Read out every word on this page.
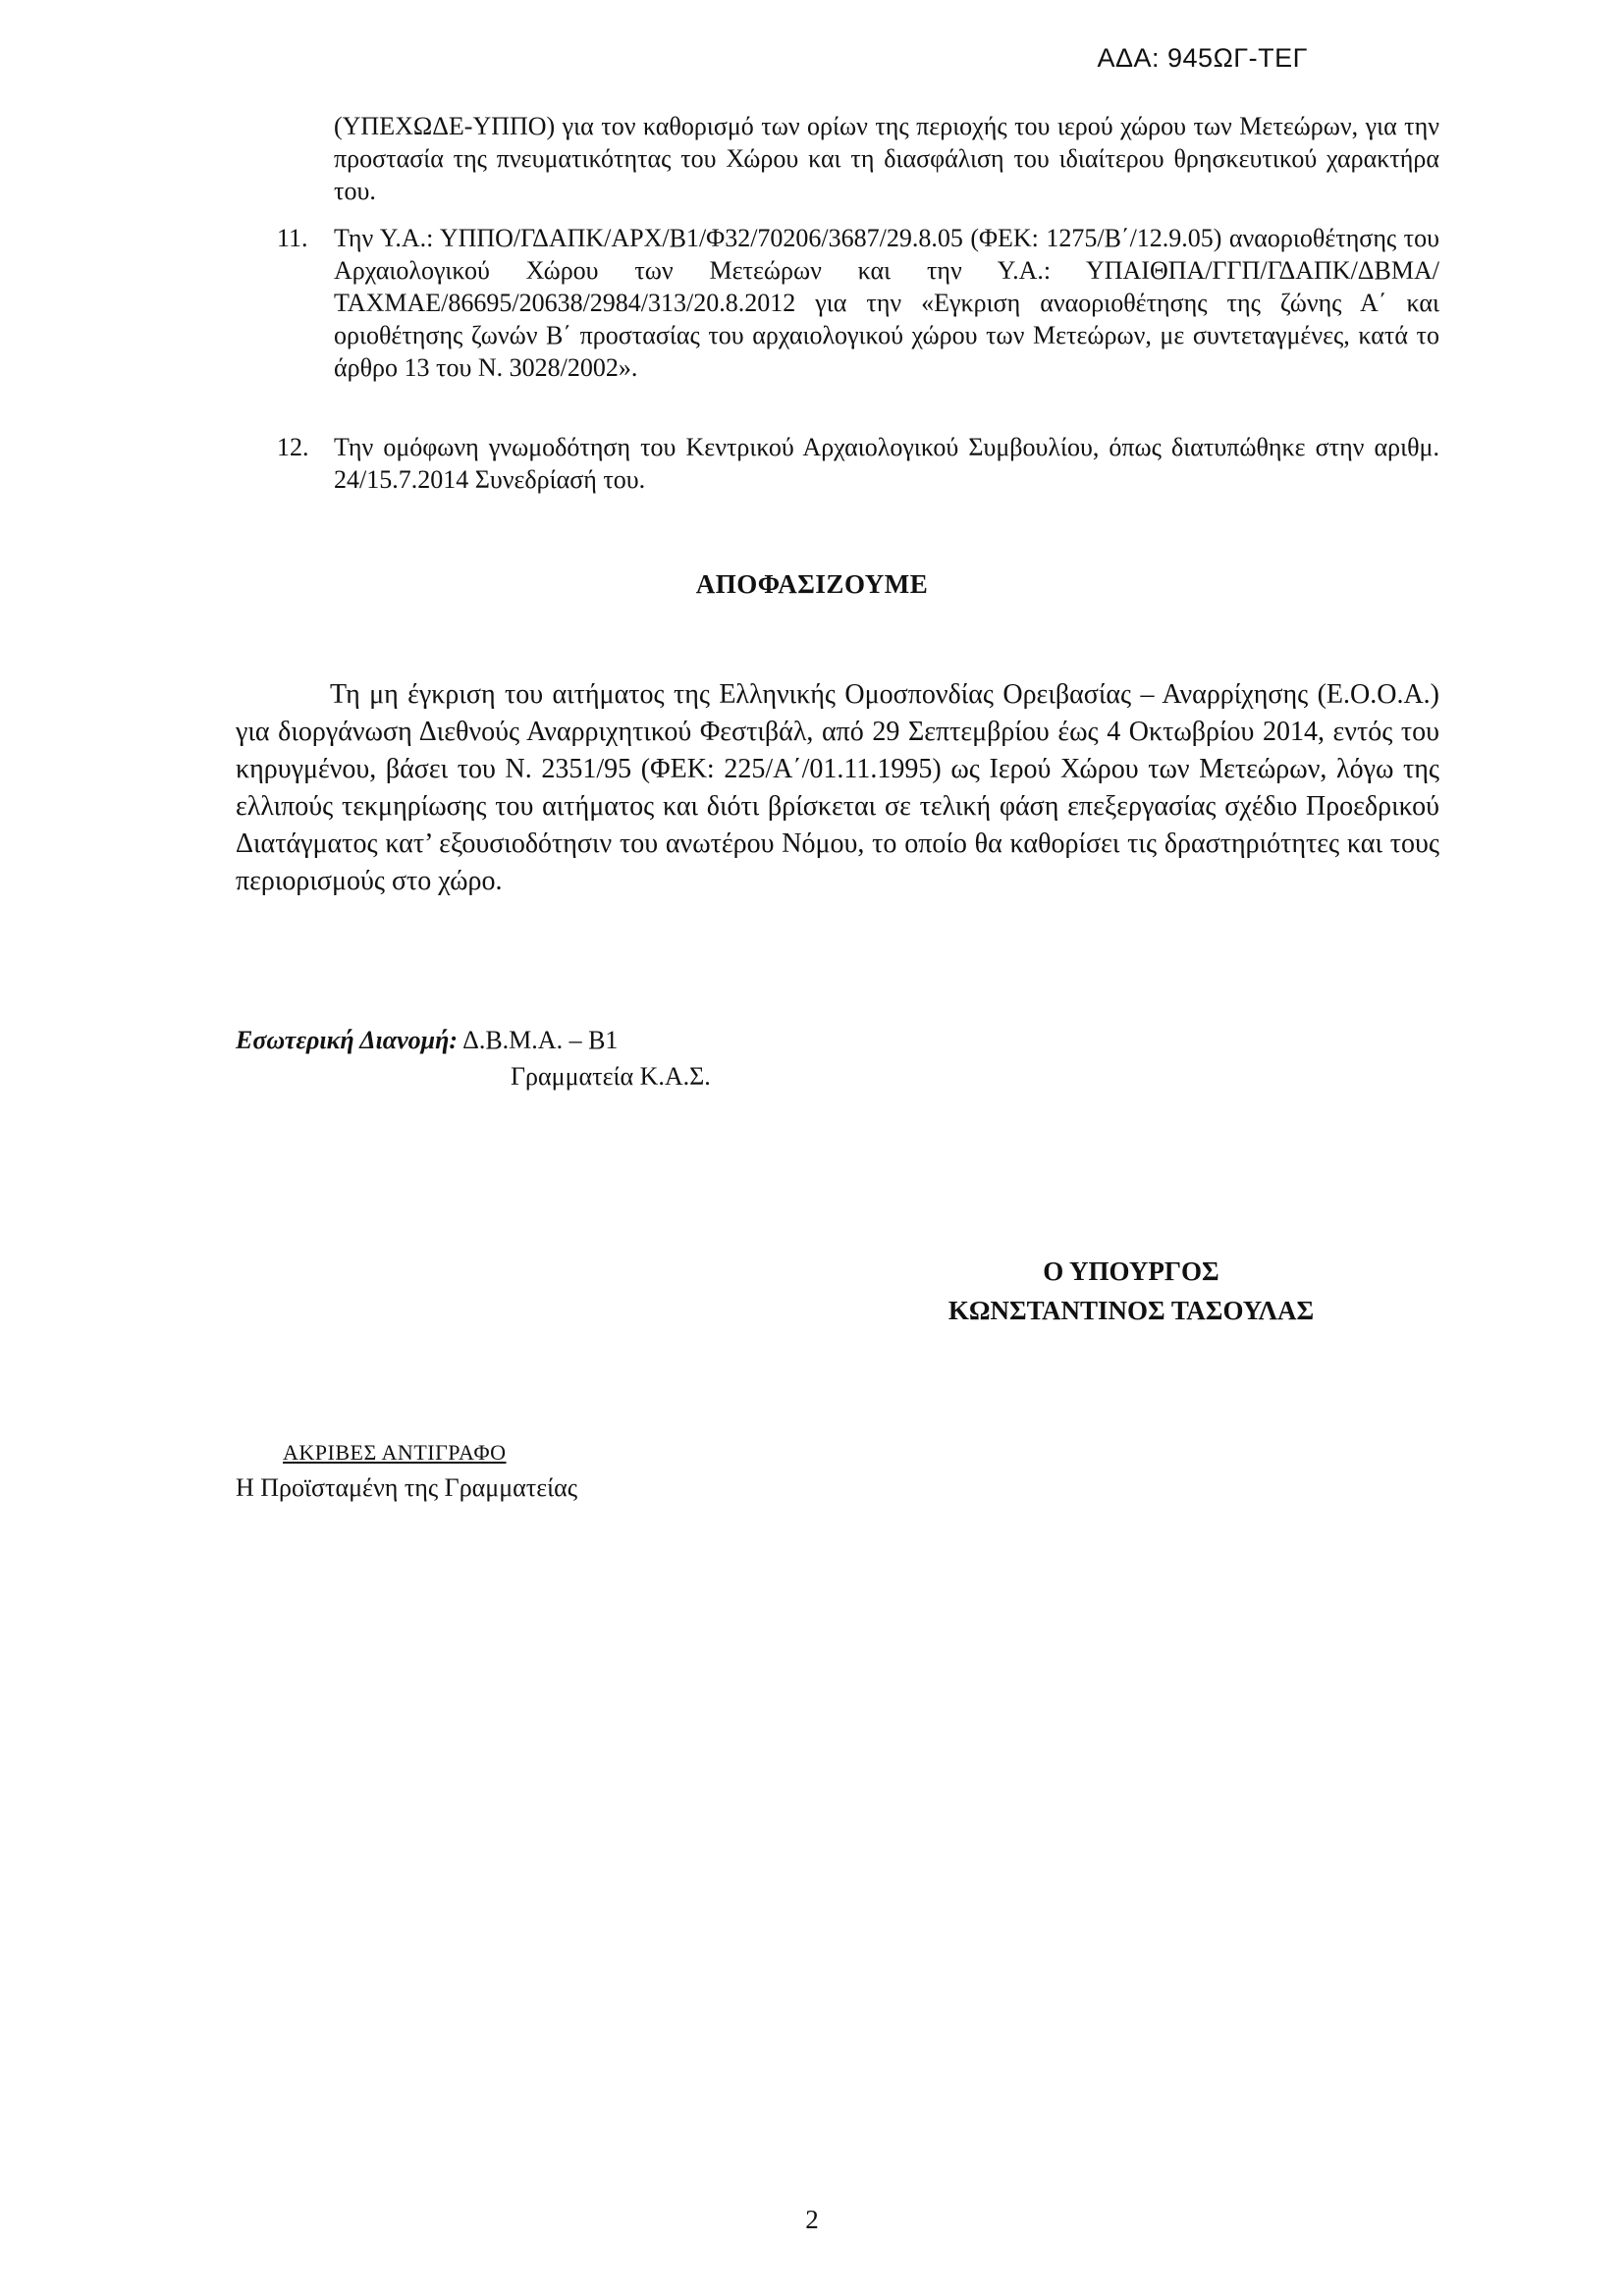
ΑΔΑ: 945ΩΓ-ΤΕΓ
(ΥΠΕΧΩΔΕ-ΥΠΠΟ) για τον καθορισμό των ορίων της περιοχής του ιερού χώρου των Μετεώρων, για την προστασία της πνευματικότητας του Χώρου και τη διασφάλιση του ιδιαίτερου θρησκευτικού χαρακτήρα του.
11.	Την Υ.Α.: ΥΠΠΟ/ΓΔΑΠΚ/ΑΡΧ/Β1/Φ32/70206/3687/29.8.05 (ΦΕΚ: 1275/Β΄/12.9.05) αναοριοθέτησης του Αρχαιολογικού Χώρου των Μετεώρων και την Υ.Α.: ΥΠΑΙΘΠΑ/ΓΓΠ/ΓΔΑΠΚ/ΔΒΜΑ/ΤΑΧΜΑΕ/86695/20638/2984/313/20.8.2012 για την «Εγκριση αναοριοθέτησης της ζώνης Α΄ και οριοθέτησης ζωνών Β΄ προστασίας του αρχαιολογικού χώρου των Μετεώρων, με συντεταγμένες, κατά το άρθρο 13 του Ν. 3028/2002».
12. Την ομόφωνη γνωμοδότηση του Κεντρικού Αρχαιολογικού Συμβουλίου, όπως διατυπώθηκε στην αριθμ. 24/15.7.2014 Συνεδρίασή του.
ΑΠΟΦΑΣΙΖΟΥΜΕ
Τη μη έγκριση του αιτήματος της Ελληνικής Ομοσπονδίας Ορειβασίας – Αναρρίχησης (Ε.Ο.Ο.Α.) για διοργάνωση Διεθνούς Αναρριχητικού Φεστιβάλ, από 29 Σεπτεμβρίου έως 4 Οκτωβρίου 2014, εντός του κηρυγμένου, βάσει του Ν. 2351/95 (ΦΕΚ: 225/Α΄/01.11.1995) ως Ιερού Χώρου των Μετεώρων, λόγω της ελλιπούς τεκμηρίωσης του αιτήματος και διότι βρίσκεται σε τελική φάση επεξεργασίας σχέδιο Προεδρικού Διατάγματος κατ’ εξουσιοδότησιν του ανωτέρου Νόμου, το οποίο θα καθορίσει τις δραστηριότητες και τους περιορισμούς στο χώρο.
Εσωτερική Διανομή: Δ.Β.Μ.Α. – Β1
Γραμματεία Κ.Α.Σ.
Ο ΥΠΟΥΡΓΟΣ
ΚΩΝΣΤΑΝΤΙΝΟΣ ΤΑΣΟΥΛΑΣ
ΑΚΡΙΒΕΣ ΑΝΤΙΓΡΑΦΟ
Η Προϊσταμένη της Γραμματείας
2
